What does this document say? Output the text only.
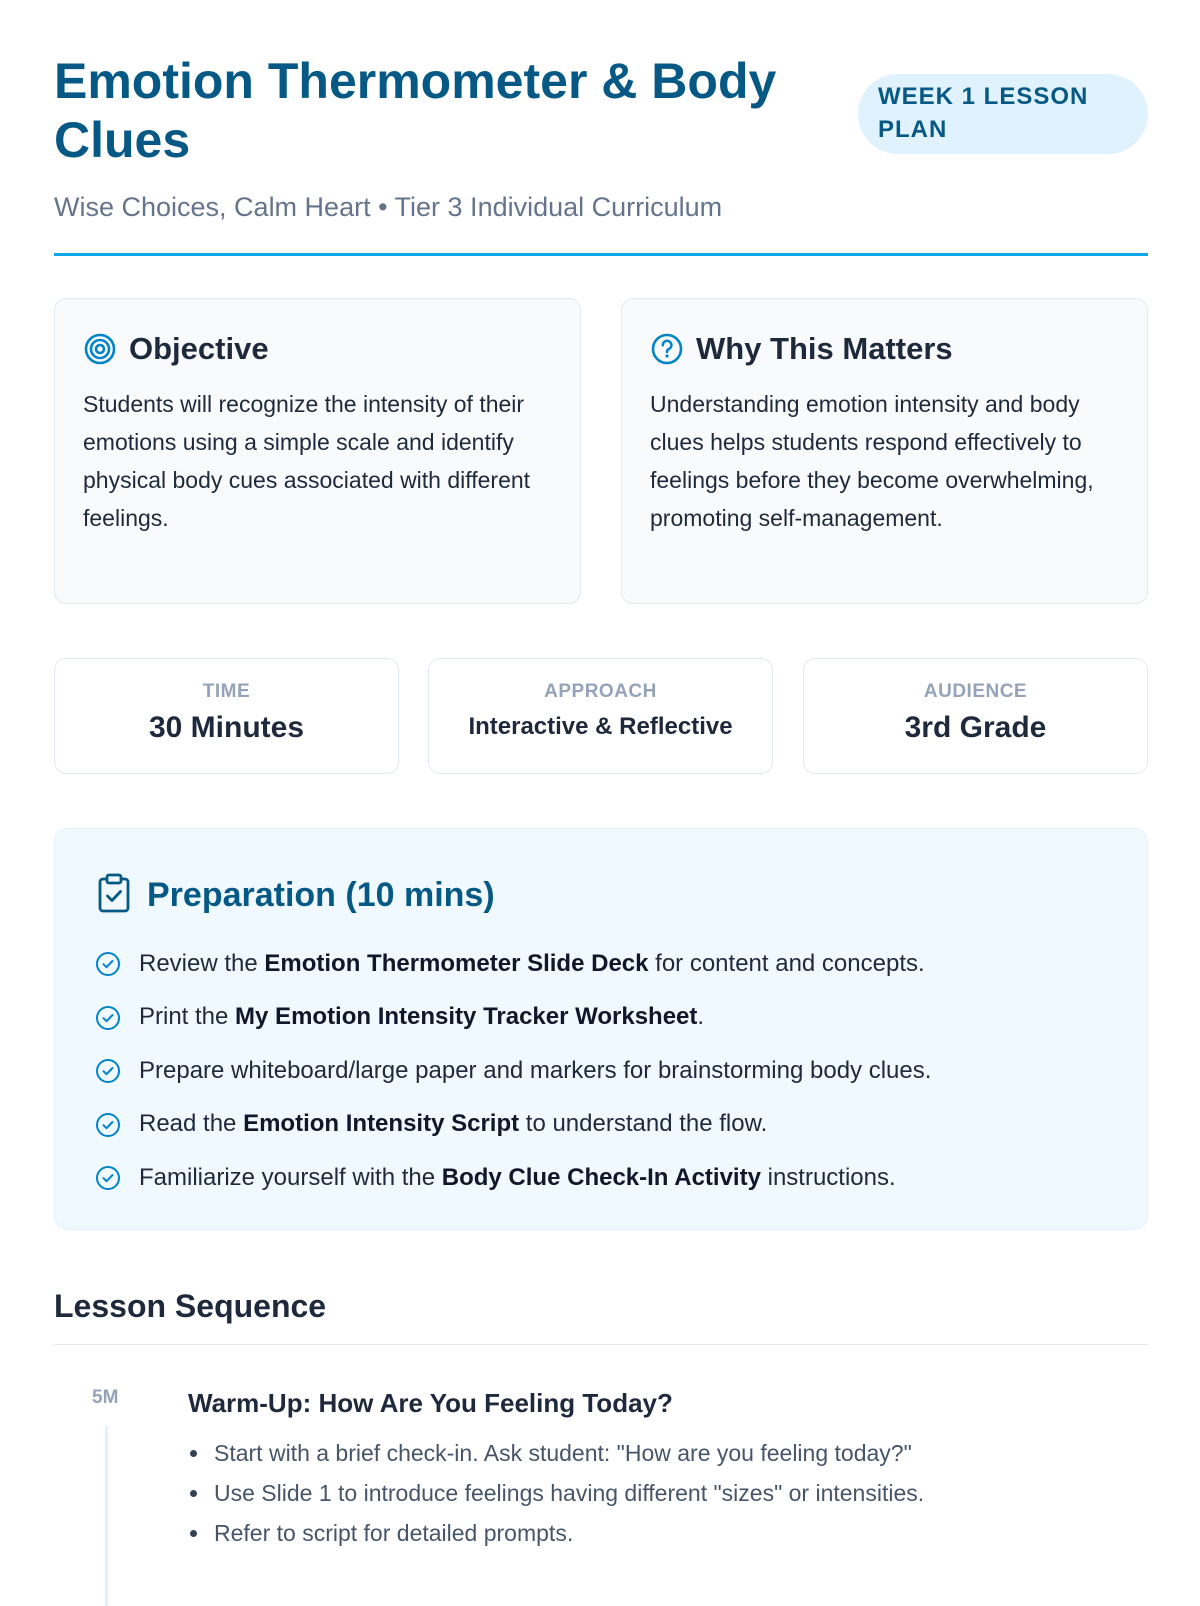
Emotion Thermometer & Body Clues
WEEK 1 LESSON PLAN
Wise Choices, Calm Heart • Tier 3 Individual Curriculum
Objective
Students will recognize the intensity of their emotions using a simple scale and identify physical body cues associated with different feelings.
Why This Matters
Understanding emotion intensity and body clues helps students respond effectively to feelings before they become overwhelming, promoting self-management.
TIME
30 Minutes
APPROACH
Interactive & Reflective
AUDIENCE
3rd Grade
Preparation (10 mins)
Review the Emotion Thermometer Slide Deck for content and concepts.
Print the My Emotion Intensity Tracker Worksheet.
Prepare whiteboard/large paper and markers for brainstorming body clues.
Read the Emotion Intensity Script to understand the flow.
Familiarize yourself with the Body Clue Check-In Activity instructions.
Lesson Sequence
5M	Warm-Up: How Are You Feeling Today?
Start with a brief check-in. Ask student: "How are you feeling today?"
Use Slide 1 to introduce feelings having different "sizes" or intensities.
Refer to script for detailed prompts.
